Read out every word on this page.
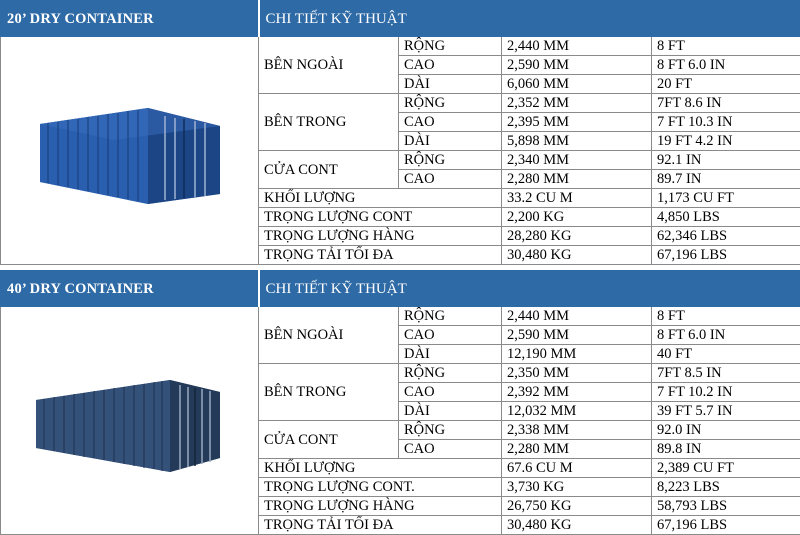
20’ DRY CONTAINER	CHI TIẾT KỸ THUẬT			

	BÊN NGOÀI	RỘNG	2,440 MM	8 FT
		CAO	2,590 MM	8 FT 6.0 IN
		DÀI	6,060 MM	20 FT
	BÊN TRONG	RỘNG	2,352 MM	7FT 8.6 IN
		CAO	2,395 MM	7 FT 10.3 IN
		DÀI	5,898 MM	19 FT 4.2 IN
	CỬA CONT	RỘNG	2,340 MM	92.1 IN
		CAO	2,280 MM	89.7 IN
	KHỐI LƯỢNG		33.2 CU M	1,173 CU FT
	TRỌNG LƯỢNG CONT		2,200 KG	4,850 LBS
	TRỌNG LƯỢNG HÀNG		28,280 KG	62,346 LBS
	TRỌNG TẢI TỐI ĐA		30,480 KG	67,196 LBS
40’ DRY CONTAINER	CHI TIẾT KỸ THUẬT			

	BÊN NGOÀI	RỘNG	2,440 MM	8 FT
		CAO	2,590 MM	8 FT 6.0 IN
		DÀI	12,190 MM	40 FT
	BÊN TRONG	RỘNG	2,350 MM	7FT 8.5 IN
		CAO	2,392 MM	7 FT 10.2 IN
		DÀI	12,032 MM	39 FT 5.7 IN
	CỬA CONT	RỘNG	2,338 MM	92.0 IN
		CAO	2,280 MM	89.8 IN
	KHỐI LƯỢNG		67.6 CU M	2,389 CU FT
	TRỌNG LƯỢNG CONT.		3,730 KG	8,223 LBS
	TRỌNG LƯỢNG HÀNG		26,750 KG	58,793 LBS
	TRỌNG TẢI TỐI ĐA		30,480 KG	67,196 LBS
